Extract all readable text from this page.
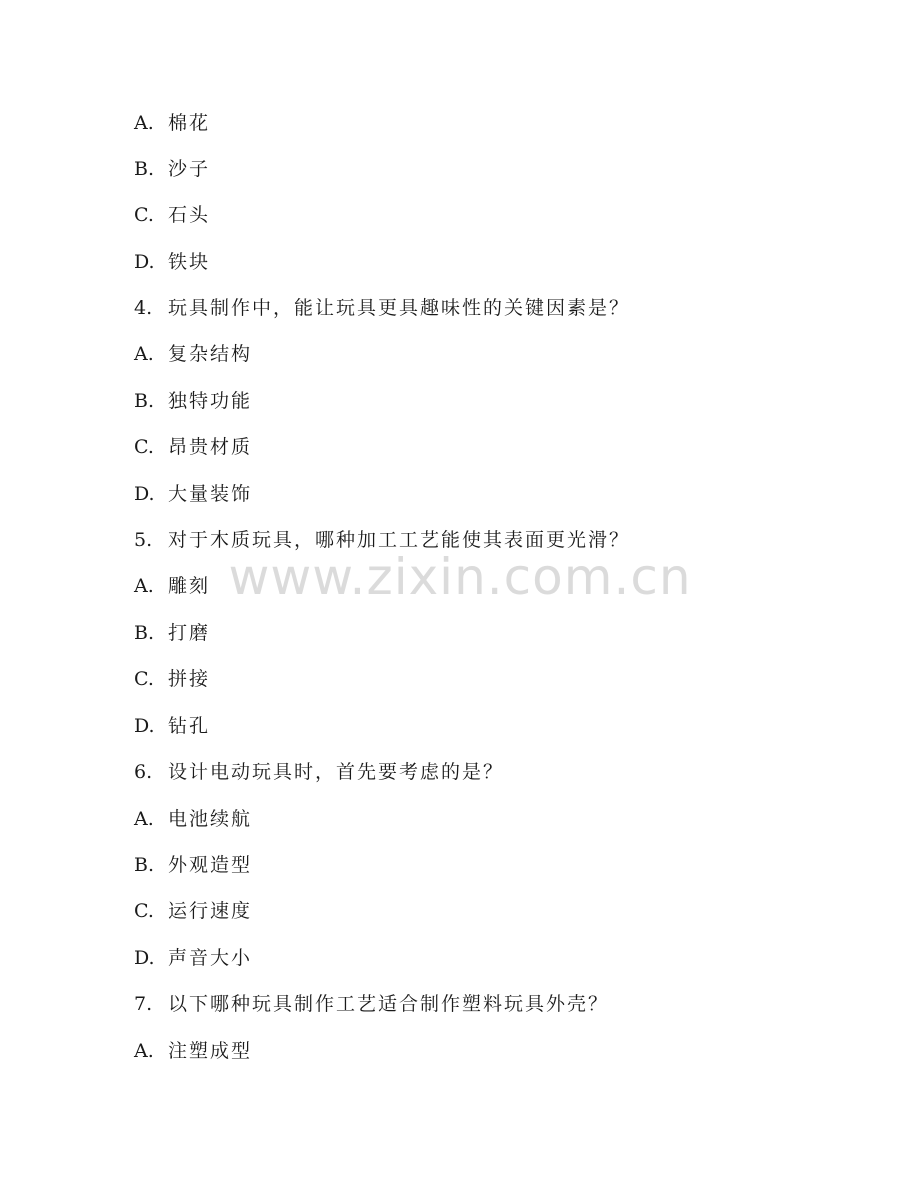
A. 棉花
B. 沙子
C. 石头
D. 铁块
4. 玩具制作中，能让玩具更具趣味性的关键因素是？
A. 复杂结构
B. 独特功能
C. 昂贵材质
D. 大量装饰
5. 对于木质玩具，哪种加工工艺能使其表面更光滑？
A. 雕刻
B. 打磨
C. 拼接
D. 钻孔
6. 设计电动玩具时，首先要考虑的是？
A. 电池续航
B. 外观造型
C. 运行速度
D. 声音大小
7. 以下哪种玩具制作工艺适合制作塑料玩具外壳？
A. 注塑成型
www.zixin.com.cn
